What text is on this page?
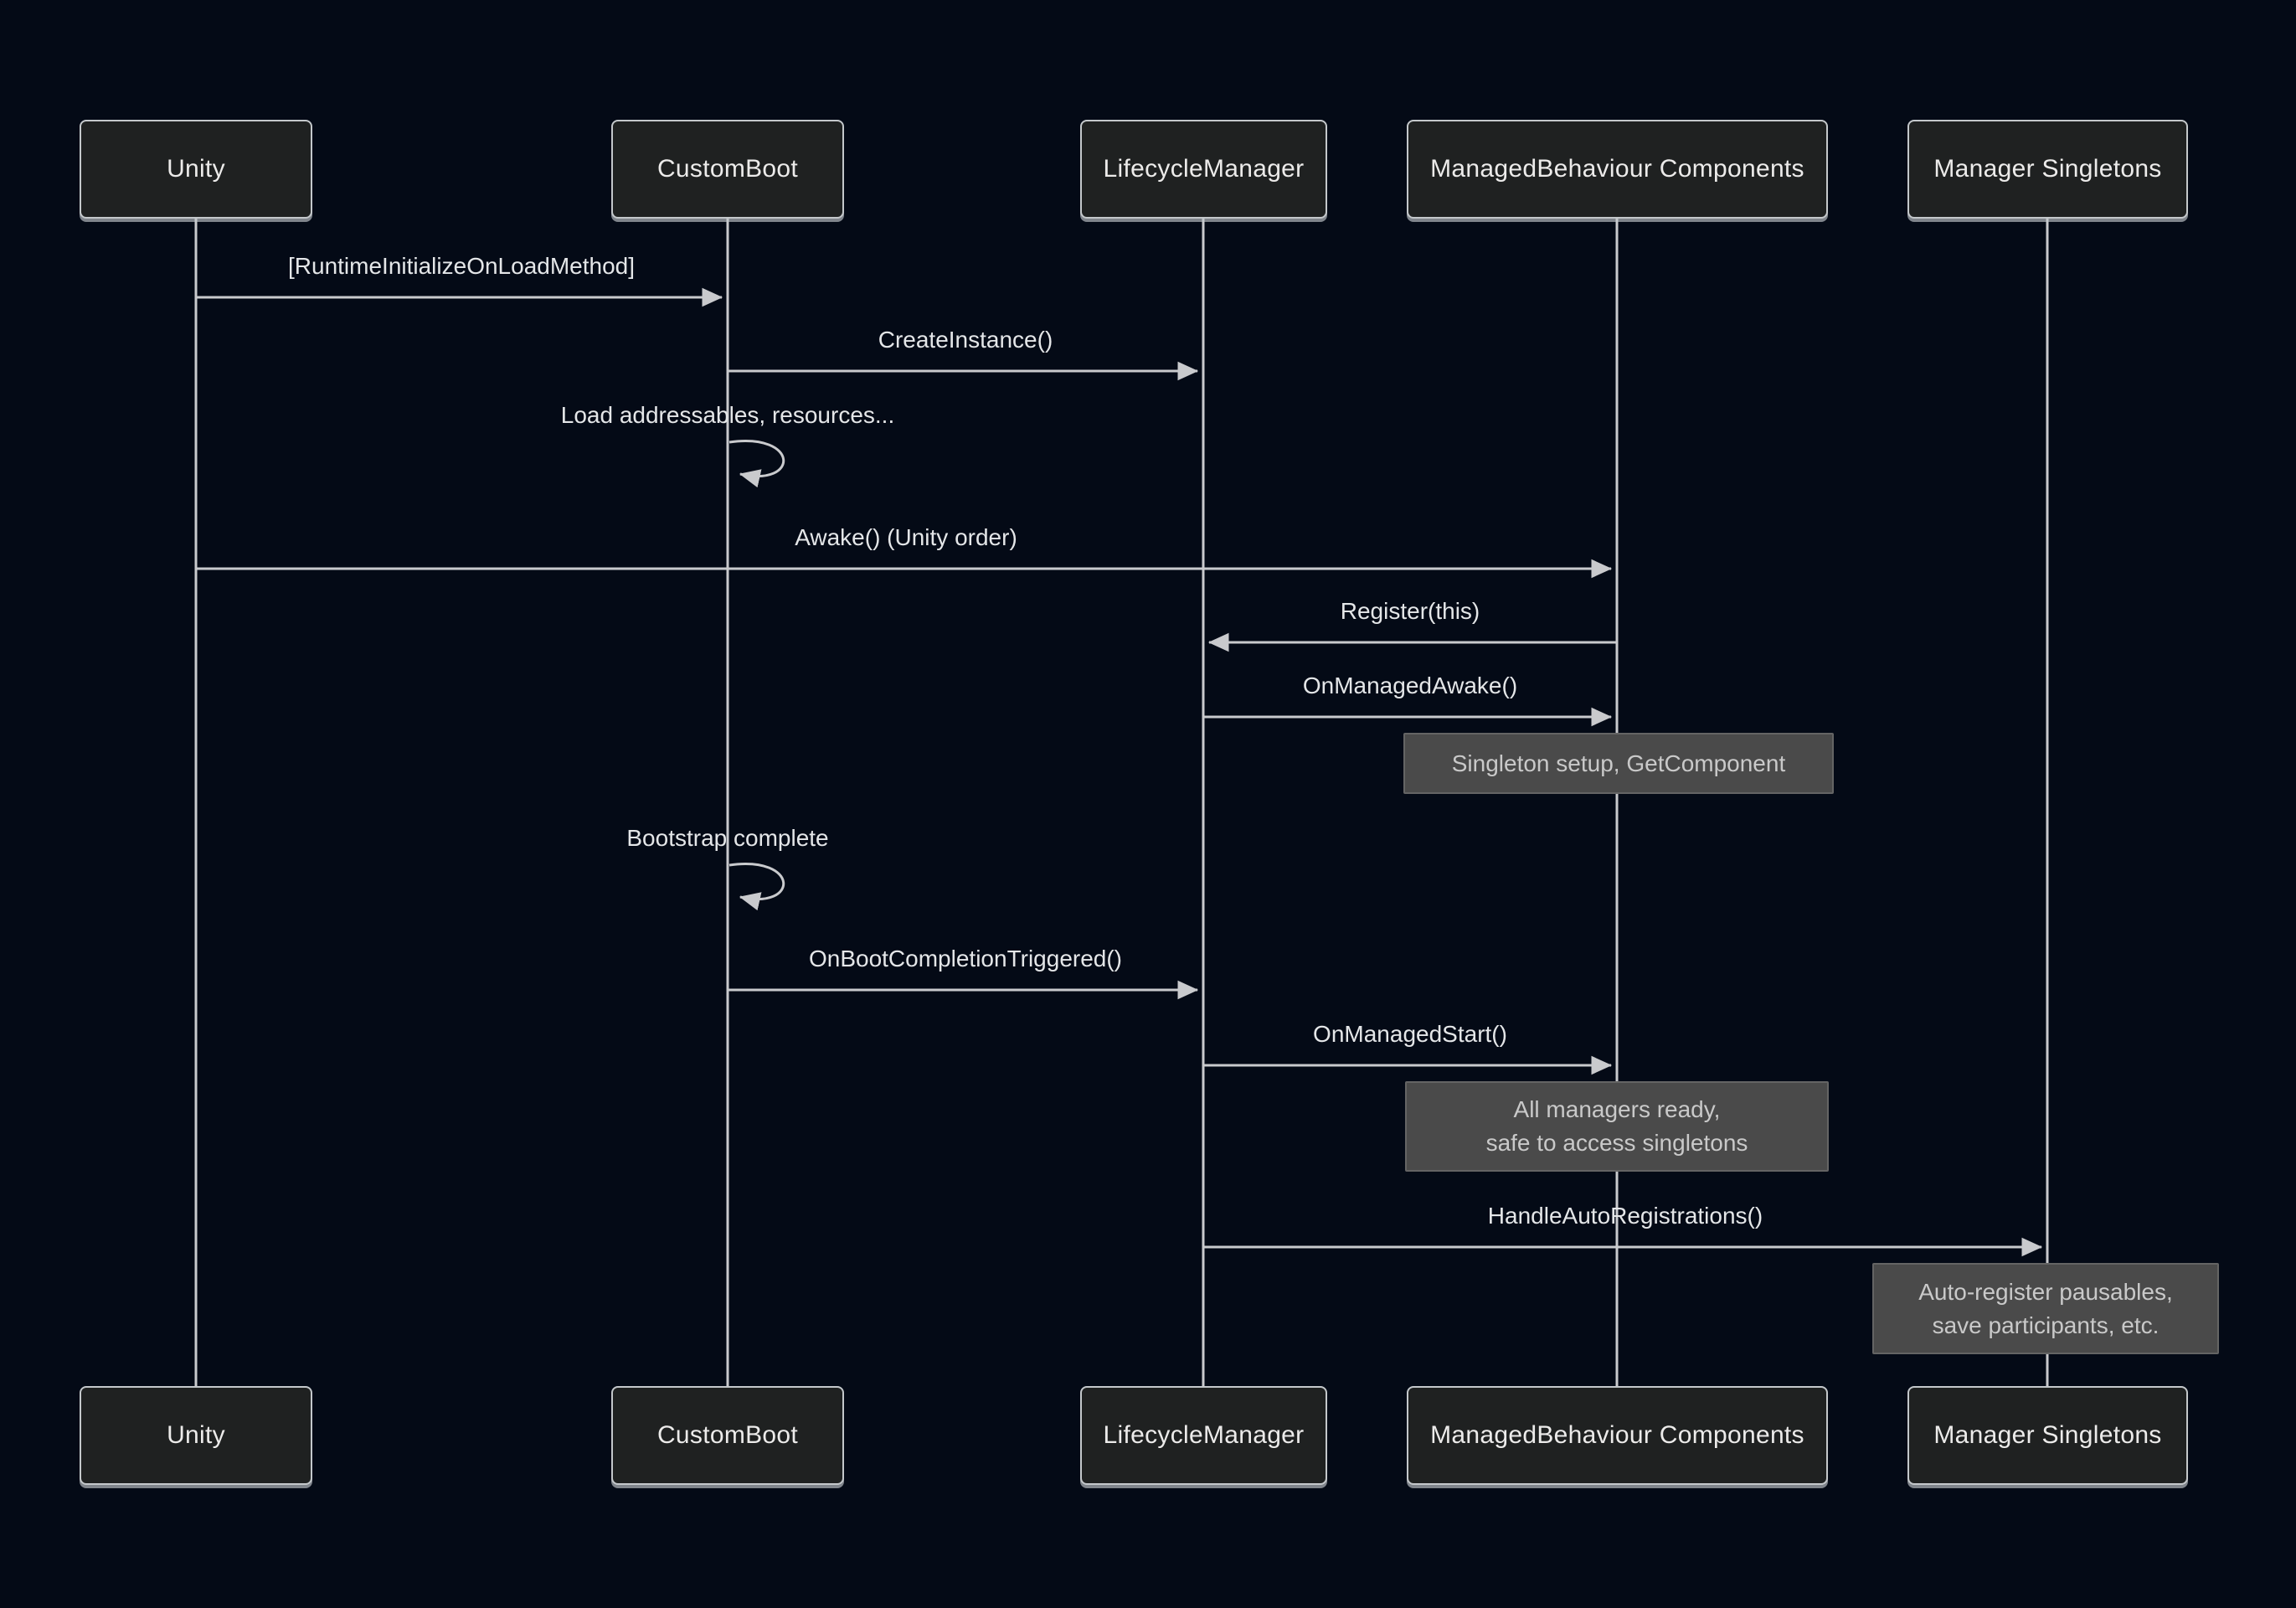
Unity	CustomBoot	LifecycleManager	ManagedBehaviour Components	Manager Singletons
Unity	CustomBoot	LifecycleManager	ManagedBehaviour Components	Manager Singletons
[RuntimeInitializeOnLoadMethod]
CreateInstance()
Load addressables, resources...
Awake() (Unity order)
Register(this)
OnManagedAwake()
Bootstrap complete
OnBootCompletionTriggered()
OnManagedStart()
HandleAutoRegistrations()
Singleton setup, GetComponent
All managers ready,
safe to access singletons
Auto-register pausables,
save participants, etc.
